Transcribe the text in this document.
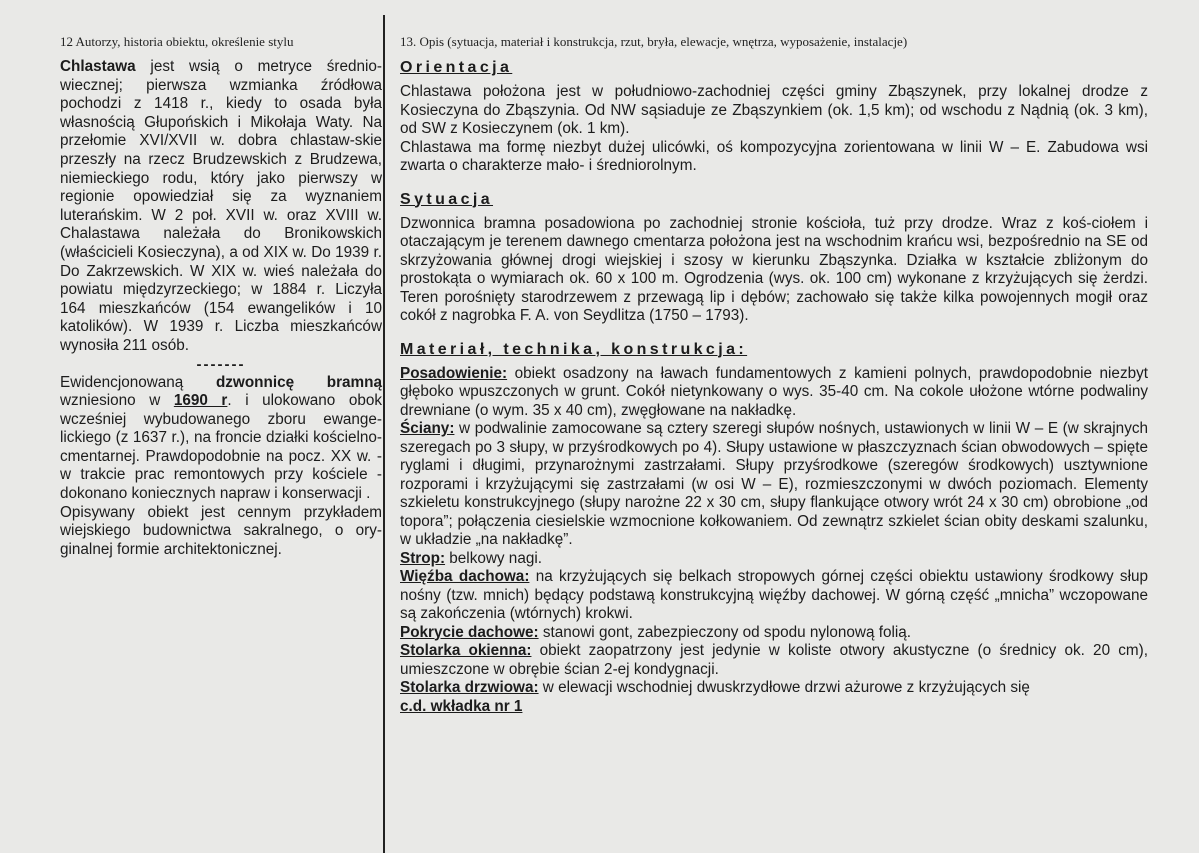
12 Autorzy, historia obiektu, określenie stylu

Chlastawa jest wsią o metryce średnio-wiecznej; pierwsza wzmianka źródłowa pochodzi z 1418 r., kiedy to osada była własnością Głupońskich i Mikołaja Waty. Na przełomie XVI/XVII w. dobra chlastaw-skie przeszły na rzecz Brudzewskich z Brudzewa, niemieckiego rodu, który jako pierwszy w regionie opowiedział się za wyznaniem luterańskim. W 2 poł. XVII w. oraz XVIII w. Chalastawa należała do Bronikowskich (właścicieli Kosieczyna), a od XIX w. Do 1939 r. Do Zakrzewskich. W XIX w. wieś należała do powiatu międzyrzeckiego; w 1884 r. Liczyła 164 mieszkańców (154 ewangelików i 10 katolików). W 1939 r. Liczba mieszkańców wynosiła 211 osób.

-------

Ewidencjonowaną dzwonnicę bramną wzniesiono w 1690 r. i ulokowano obok wcześniej wybudowanego zboru ewange-lickiego (z 1637 r.), na froncie działki kościelno-cmentarnej. Prawdopodobnie na pocz. XX w. - w trakcie prac remontowych przy kościele - dokonano koniecznych napraw i konserwacji .

Opisywany obiekt jest cennym przykładem wiejskiego budownictwa sakralnego, o ory-ginalnej formie architektonicznej.

13. Opis (sytuacja, materiał i konstrukcja, rzut, bryła, elewacje, wnętrza, wyposażenie, instalacje)
Orientacja

Chlastawa położona jest w południowo-zachodniej części gminy Zbąszynek, przy lokalnej drodze z Kosieczyna do Zbąszynia. Od NW sąsiaduje ze Zbąszynkiem (ok. 1,5 km); od wschodu z Nądnią (ok. 3 km), od SW z Kosieczynem (ok. 1 km).

Chlastawa ma formę niezbyt dużej ulicówki, oś kompozycyjna zorientowana w linii W – E. Zabudowa wsi zwarta o charakterze mało- i średniorolnym.

Sytuacja

Dzwonnica bramna posadowiona po zachodniej stronie kościoła, tuż przy drodze. Wraz z koś-ciołem i otaczającym je terenem dawnego cmentarza położona jest na wschodnim krańcu wsi, bezpośrednio na SE od skrzyżowania głównej drogi wiejskiej i szosy w kierunku Zbąszynka. Działka w kształcie zbliżonym do prostokąta o wymiarach ok. 60 x 100 m. Ogrodzenia (wys. ok. 100 cm) wykonane z krzyżujących się żerdzi. Teren porośnięty starodrzewem z przewagą lip i dębów; zachowało się także kilka powojennych mogił oraz cokół z nagrobka F. A. von Seydlitza (1750 – 1793).

Materiał, technika, konstrukcja:

Posadowienie: obiekt osadzony na ławach fundamentowych z kamieni polnych, prawdopodobnie niezbyt głęboko wpuszczonych w grunt. Cokół nietynkowany o wys. 35-40 cm. Na cokole ułożone wtórne podwaliny drewniane (o wym. 35 x 40 cm), zwęgłowane na nakładkę.

Ściany: w podwalinie zamocowane są cztery szeregi słupów nośnych, ustawionych w linii W – E (w skrajnych szeregach po 3 słupy, w przyśrodkowych po 4). Słupy ustawione w płaszczyznach ścian obwodowych – spięte ryglami i długimi, przynarożnymi zastrzałami. Słupy przyśrodkowe (szeregów środkowych) usztywnione rozporami i krzyżującymi się zastrzałami (w osi W – E), rozmieszczonymi w dwóch poziomach. Elementy szkieletu konstrukcyjnego (słupy narożne 22 x 30 cm, słupy flankujące otwory wrót 24 x 30 cm) obrobione „od topora”; połączenia ciesielskie wzmocnione kołkowaniem. Od zewnątrz szkielet ścian obity deskami szalunku, w układzie „na nakładkę”.

Strop: belkowy nagi.

Więźba dachowa: na krzyżujących się belkach stropowych górnej części obiektu ustawiony środkowy słup nośny (tzw. mnich) będący podstawą konstrukcyjną więźby dachowej. W górną część „mnicha” wczopowane są zakończenia (wtórnych) krokwi.

Pokrycie dachowe: stanowi gont, zabezpieczony od spodu nylonową folią.

Stolarka okienna: obiekt zaopatrzony jest jedynie w koliste otwory akustyczne (o średnicy ok. 20 cm), umieszczone w obrębie ścian 2-ej kondygnacji.

Stolarka drzwiowa: w elewacji wschodniej dwuskrzydłowe drzwi ażurowe z krzyżujących się

c.d. wkładka nr 1
